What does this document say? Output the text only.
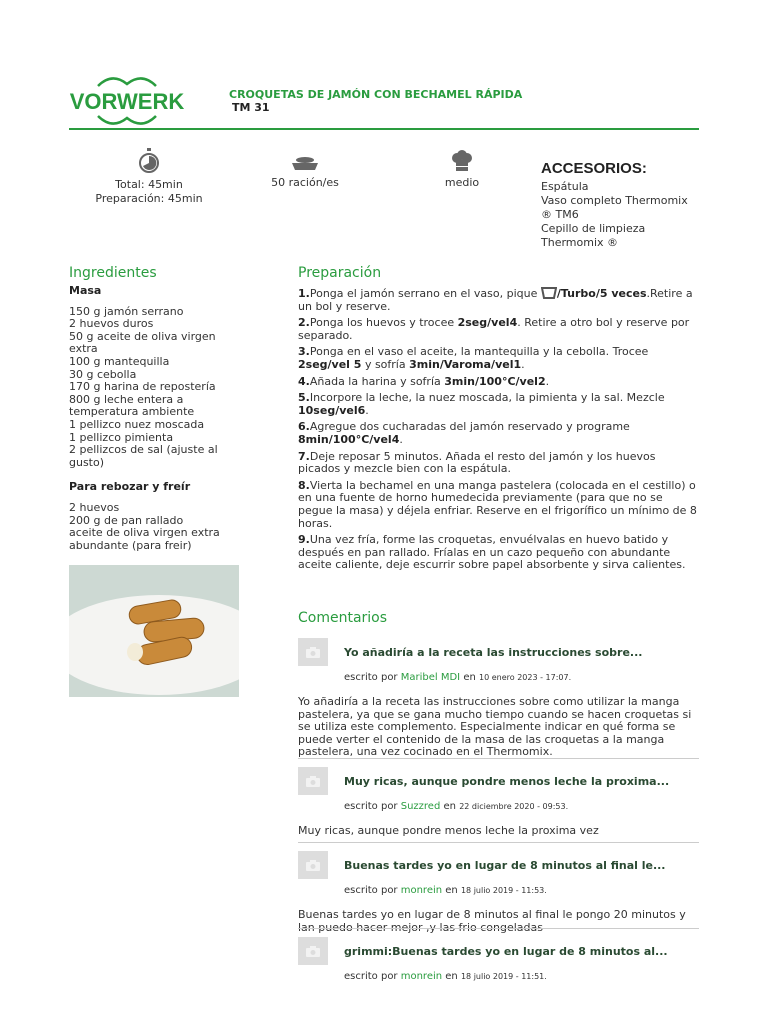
VORWERK	CROQUETAS DE JAMÓN CON BECHAMEL RÁPIDA
TM 31
Total: 45min
Preparación: 45min
50 ración/es	medio
ACCESORIOS:
Espátula
Vaso completo Thermomix ® TM6
Cepillo de limpieza Thermomix ®
Ingredientes
Masa
150 g jamón serrano
2 huevos duros
50 g aceite de oliva virgen extra
100 g mantequilla
30 g cebolla
170 g harina de repostería
800 g leche entera a temperatura ambiente
1 pellizco nuez moscada
1 pellizco pimienta
2 pellizcos de sal (ajuste al gusto)
Para rebozar y freír
2 huevos
200 g de pan rallado
aceite de oliva virgen extra abundante (para freir)
Preparación
1.Ponga el jamón serrano en el vaso, pique /Turbo/5 veces.Retire a un bol y reserve.
2.Ponga los huevos y trocee 2seg/vel4. Retire a otro bol y reserve por separado.
3.Ponga en el vaso el aceite, la mantequilla y la cebolla. Trocee 2seg/vel 5 y sofría 3min/Varoma/vel1.
4.Añada la harina y sofría 3min/100°C/vel2.
5.Incorpore la leche, la nuez moscada, la pimienta y la sal. Mezcle 10seg/vel6.
6.Agregue dos cucharadas del jamón reservado y programe 8min/100°C/vel4.
7.Deje reposar 5 minutos. Añada el resto del jamón y los huevos picados y mezcle bien con la espátula.
8.Vierta la bechamel en una manga pastelera (colocada en el cestillo) o en una fuente de horno humedecida previamente (para que no se pegue la masa) y déjela enfriar. Reserve en el frigorífico un mínimo de 8 horas.
9.Una vez fría, forme las croquetas, envuélvalas en huevo batido y después en pan rallado. Fríalas en un cazo pequeño con abundante aceite caliente, deje escurrir sobre papel absorbente y sirva calientes.
Comentarios
Yo añadiría a la receta las instrucciones sobre...
escrito por Maribel MDI en 10 enero 2023 - 17:07.
Yo añadiría a la receta las instrucciones sobre como utilizar la manga pastelera, ya que se gana mucho tiempo cuando se hacen croquetas si se utiliza este complemento. Especialmente indicar en qué forma se puede verter el contenido de la masa de las croquetas a la manga pastelera, una vez cocinado en el Thermomix.
Muy ricas, aunque pondre menos leche la proxima...
escrito por Suzzred en 22 diciembre 2020 - 09:53.
Muy ricas, aunque pondre menos leche la proxima vez
Buenas tardes yo en lugar de 8 minutos al final le...
escrito por monrein en 18 julio 2019 - 11:53.
Buenas tardes yo en lugar de 8 minutos al final le pongo 20 minutos y
grimmi:Buenas tardes yo en lugar de 8 minutos al...
escrito por monrein en 18 julio 2019 - 11:51.
